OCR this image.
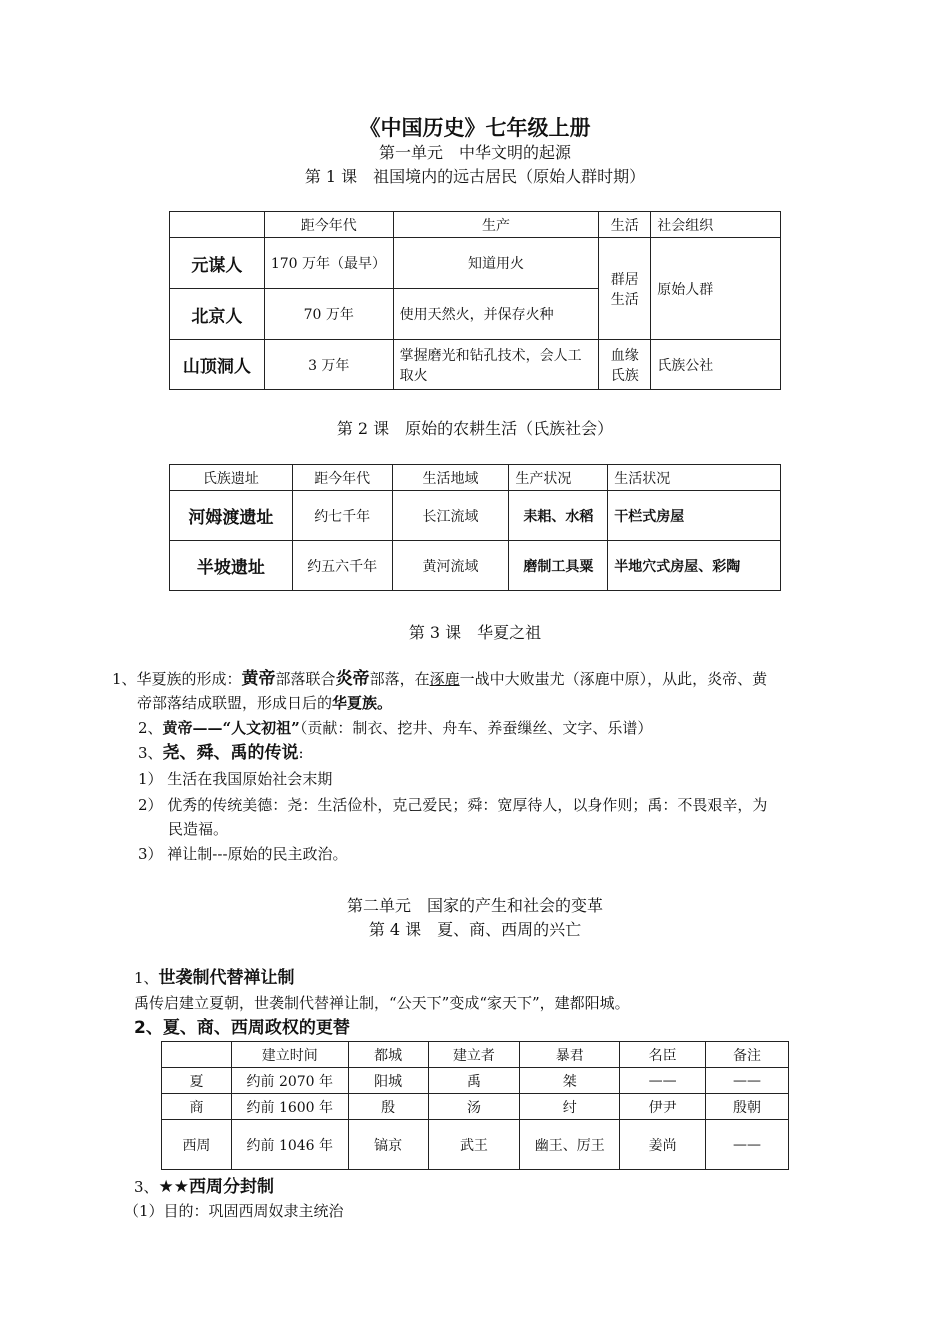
《中国历史》七年级上册
第一单元　中华文明的起源
第 1 课　祖国境内的远古居民（原始人群时期）
	距今年代	生产	生活	社会组织
元谋人	170 万年（最早）	知道用火	群居生活	原始人群
北京人	70 万年	使用天然火，并保存火种		
山顶洞人	3 万年	掌握磨光和钻孔技术，会人工取火	血缘氏族	氏族公社
第 2 课　原始的农耕生活（氏族社会）
氏族遗址	距今年代	生活地域	生产状况	生活状况
河姆渡遗址	约七千年	长江流域	耒耜、水稻	干栏式房屋
半坡遗址	约五六千年	黄河流域	磨制工具粟	半地穴式房屋、彩陶
第 3 课　华夏之祖
1、华夏族的形成：黄帝部落联合炎帝部落，在涿鹿一战中大败蚩尤（涿鹿中原），从此，炎帝、黄
帝部落结成联盟，形成日后的华夏族。
2、黄帝——“人文初祖”（贡献：制衣、挖井、舟车、养蚕缫丝、文字、乐谱）
3、尧、舜、禹的传说:
1） 生活在我国原始社会末期
2） 优秀的传统美德：尧：生活俭朴，克己爱民；舜：宽厚待人，以身作则；禹：不畏艰辛，为
民造福。
3） 禅让制---原始的民主政治。
第二单元　国家的产生和社会的变革
第 4 课　夏、商、西周的兴亡
1、世袭制代替禅让制
禹传启建立夏朝，世袭制代替禅让制，“公天下”变成“家天下”，建都阳城。
2、夏、商、西周政权的更替
	建立时间	都城	建立者	暴君	名臣	备注
夏	约前 2070 年	阳城	禹	桀	——	——
商	约前 1600 年	殷	汤	纣	伊尹	殷朝
西周	约前 1046 年	镐京	武王	幽王、厉王	姜尚	——
3、★★西周分封制
（1）目的：巩固西周奴隶主统治
